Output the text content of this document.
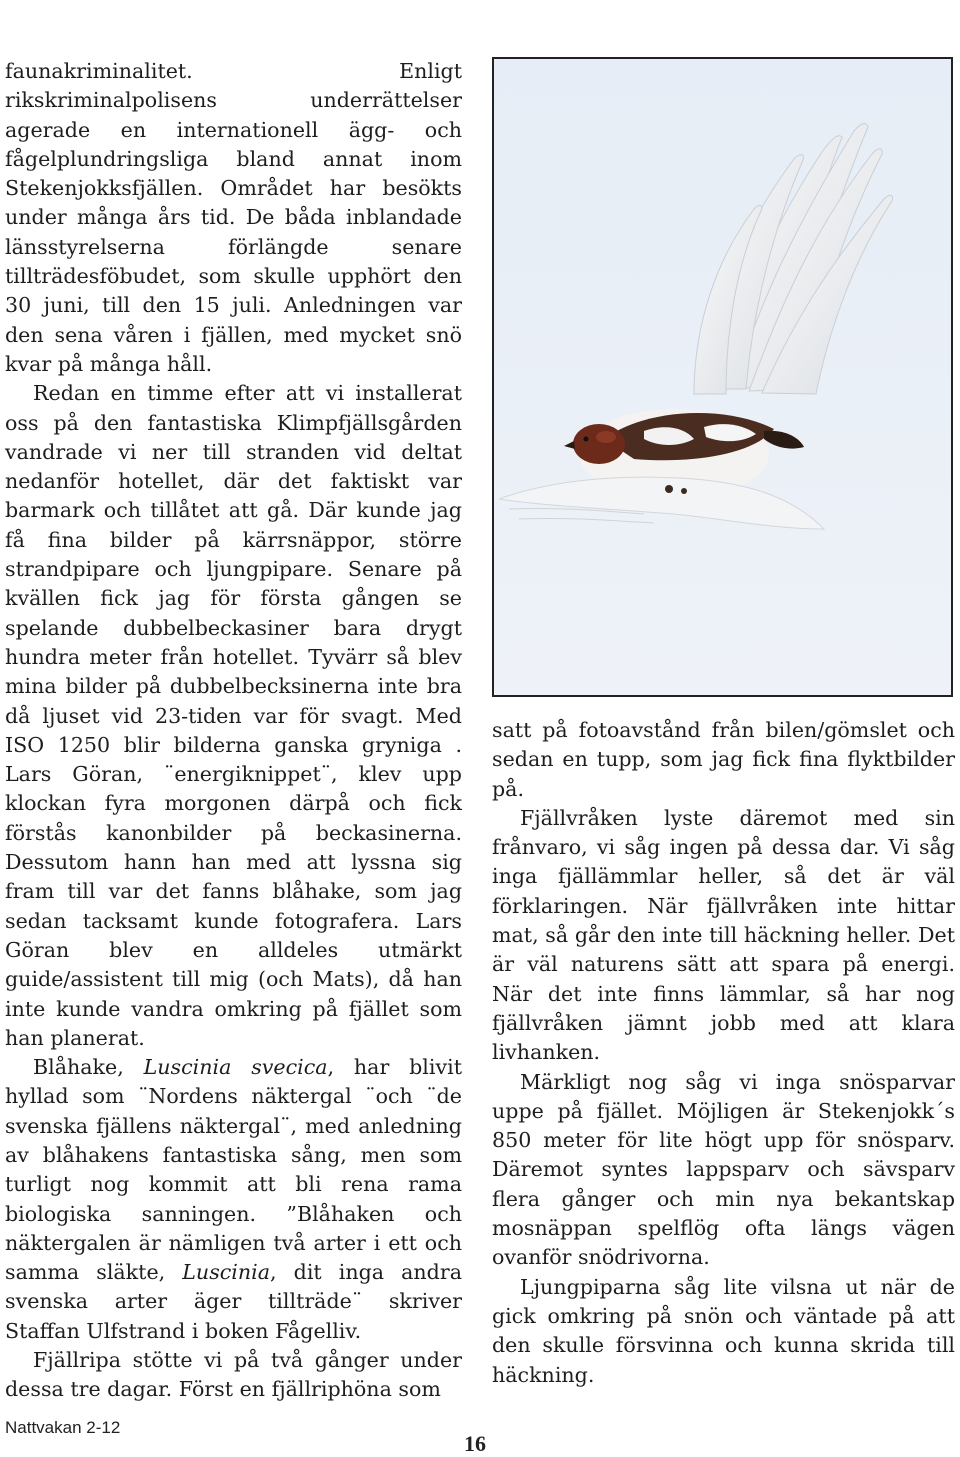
faunakriminalitet. Enligt rikskriminalpolisens underrättelser agerade en internationell ägg- och fågelplundringsliga bland annat inom Stekenjokksfjällen. Området har besökts under många års tid. De båda inblandade länsstyrelserna förlängde senare tillträdesföbudet, som skulle upphört den 30 juni, till den 15 juli. Anledningen var den sena våren i fjällen, med mycket snö kvar på många håll.

Redan en timme efter att vi installerat oss på den fantastiska Klimpfjällsgården vandrade vi ner till stranden vid deltat nedanför hotellet, där det faktiskt var barmark och tillåtet att gå. Där kunde jag få fina bilder på kärrsnäppor, större strandpipare och ljungpipare. Senare på kvällen fick jag för första gången se spelande dubbelbeckasiner bara drygt hundra meter från hotellet. Tyvärr så blev mina bilder på dubbelbecksinerna inte bra då ljuset vid 23-tiden var för svagt. Med ISO 1250 blir bilderna ganska gryniga . Lars Göran, ¨energiknippet¨, klev upp klockan fyra morgonen därpå och fick förstås kanonbilder på beckasinerna. Dessutom hann han med att lyssna sig fram till var det fanns blåhake, som jag sedan tacksamt kunde fotografera. Lars Göran blev en alldeles utmärkt guide/assistent till mig (och Mats), då han inte kunde vandra omkring på fjället som han planerat.

Blåhake, Luscinia svecica, har blivit hyllad som ¨Nordens näktergal ¨och ¨de svenska fjällens näktergal¨, med anledning av blåhakens fantastiska sång, men som turligt nog kommit att bli rena rama biologiska sanningen. ”Blåhaken och näktergalen är nämligen två arter i ett och samma släkte, Luscinia, dit inga andra svenska arter äger tillträde¨ skriver Staffan Ulfstrand i boken Fågelliv.

Fjällripa stötte vi på två gånger under dessa tre dagar. Först en fjällriphöna som

satt på fotoavstånd från bilen/gömslet och sedan en tupp, som jag fick fina flyktbilder på.

Fjällvråken lyste däremot med sin frånvaro, vi såg ingen på dessa dar. Vi såg inga fjällämmlar heller, så det är väl förklaringen. När fjällvråken inte hittar mat, så går den inte till häckning heller. Det är väl naturens sätt att spara på energi. När det inte finns lämmlar, så har nog fjällvråken jämnt jobb med att klara livhanken.

Märkligt nog såg vi inga snösparvar uppe på fjället. Möjligen är Stekenjokk´s 850 meter för lite högt upp för snösparv. Däremot syntes lappsparv och sävsparv flera gånger och min nya bekantskap mosnäppan spelflög ofta längs vägen ovanför snödrivorna.

Ljungpiparna såg lite vilsna ut när de gick omkring på snön och väntade på att den skulle försvinna och kunna skrida till häckning.

Nattvakan 2-12
16
